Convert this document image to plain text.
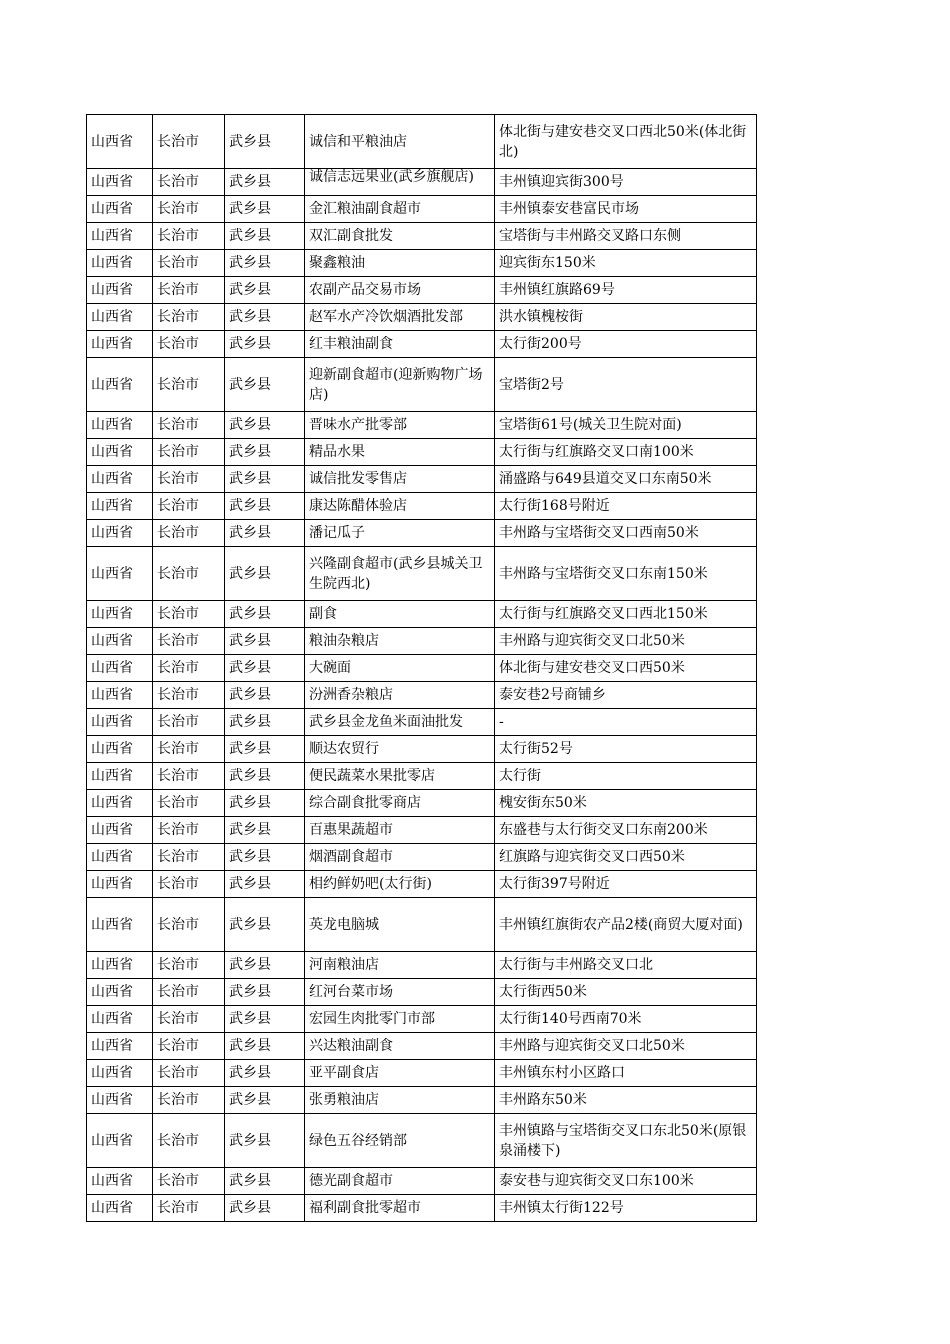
山西省	长治市	武乡县	诚信和平粮油店	体北街与建安巷交叉口西北50米(体北街北)
山西省	长治市	武乡县	诚信志远果业(武乡旗舰店)	丰州镇迎宾街300号
山西省	长治市	武乡县	金汇粮油副食超市	丰州镇泰安巷富民市场
山西省	长治市	武乡县	双汇副食批发	宝塔街与丰州路交叉路口东侧
山西省	长治市	武乡县	聚鑫粮油	迎宾街东150米
山西省	长治市	武乡县	农副产品交易市场	丰州镇红旗路69号
山西省	长治市	武乡县	赵军水产冷饮烟酒批发部	洪水镇槐桉街
山西省	长治市	武乡县	红丰粮油副食	太行街200号
山西省	长治市	武乡县	迎新副食超市(迎新购物广场店)	宝塔街2号
山西省	长治市	武乡县	晋味水产批零部	宝塔街61号(城关卫生院对面)
山西省	长治市	武乡县	精品水果	太行街与红旗路交叉口南100米
山西省	长治市	武乡县	诚信批发零售店	涌盛路与649县道交叉口东南50米
山西省	长治市	武乡县	康达陈醋体验店	太行街168号附近
山西省	长治市	武乡县	潘记瓜子	丰州路与宝塔街交叉口西南50米
山西省	长治市	武乡县	兴隆副食超市(武乡县城关卫生院西北)	丰州路与宝塔街交叉口东南150米
山西省	长治市	武乡县	副食	太行街与红旗路交叉口西北150米
山西省	长治市	武乡县	粮油杂粮店	丰州路与迎宾街交叉口北50米
山西省	长治市	武乡县	大碗面	体北街与建安巷交叉口西50米
山西省	长治市	武乡县	汾洲香杂粮店	泰安巷2号商铺乡
山西省	长治市	武乡县	武乡县金龙鱼米面油批发	-
山西省	长治市	武乡县	顺达农贸行	太行街52号
山西省	长治市	武乡县	便民蔬菜水果批零店	太行街
山西省	长治市	武乡县	综合副食批零商店	槐安街东50米
山西省	长治市	武乡县	百惠果蔬超市	东盛巷与太行街交叉口东南200米
山西省	长治市	武乡县	烟酒副食超市	红旗路与迎宾街交叉口西50米
山西省	长治市	武乡县	相约鲜奶吧(太行街)	太行街397号附近
山西省	长治市	武乡县	英龙电脑城	丰州镇红旗街农产品2楼(商贸大厦对面)
山西省	长治市	武乡县	河南粮油店	太行街与丰州路交叉口北
山西省	长治市	武乡县	红河台菜市场	太行街西50米
山西省	长治市	武乡县	宏园生肉批零门市部	太行街140号西南70米
山西省	长治市	武乡县	兴达粮油副食	丰州路与迎宾街交叉口北50米
山西省	长治市	武乡县	亚平副食店	丰州镇东村小区路口
山西省	长治市	武乡县	张勇粮油店	丰州路东50米
山西省	长治市	武乡县	绿色五谷经销部	丰州镇路与宝塔街交叉口东北50米(原银泉涌楼下)
山西省	长治市	武乡县	德光副食超市	泰安巷与迎宾街交叉口东100米
山西省	长治市	武乡县	福利副食批零超市	丰州镇太行街122号
